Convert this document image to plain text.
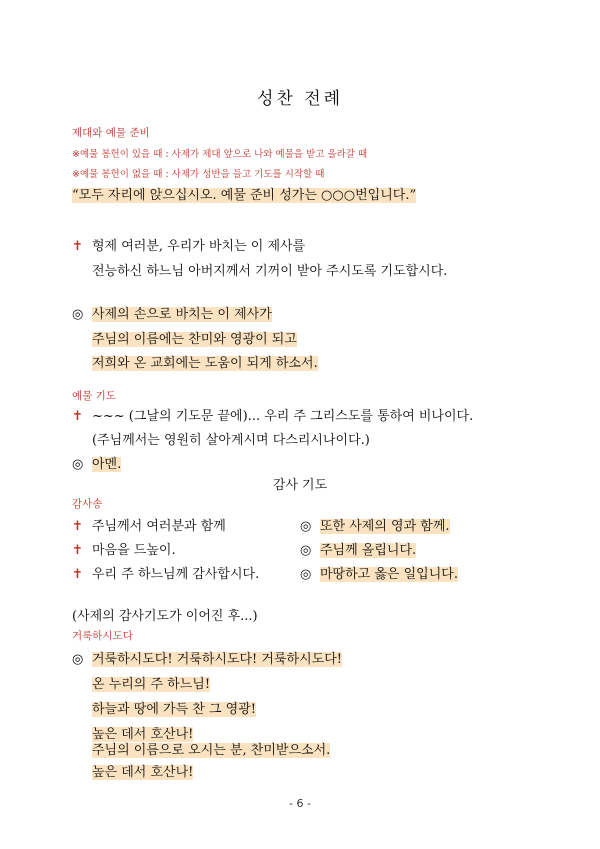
성찬 전례
제대와 예물 준비
※예물 봉헌이 있을 때 : 사제가 제대 앞으로 나와 예물을 받고 올라갈 때
※예물 봉헌이 없을 때 : 사제가 성반을 들고 기도를 시작할 때
“모두 자리에 앉으십시오. 예물 준비 성가는 ○○○번입니다.”
✝ 형제 여러분, 우리가 바치는 이 제사를
전능하신 하느님 아버지께서 기꺼이 받아 주시도록 기도합시다.
◎ 사제의 손으로 바치는 이 제사가
주님의 이름에는 찬미와 영광이 되고
저희와 온 교회에는 도움이 되게 하소서.
예물 기도
✝ ~~~ (그날의 기도문 끝에)... 우리 주 그리스도를 통하여 비나이다.
(주님께서는 영원히 살아계시며 다스리시나이다.)
◎ 아멘.
감사 기도
감사송
✝ 주님께서 여러분과 함께	◎ 또한 사제의 영과 함께.
✝ 마음을 드높이.	◎ 주님께 올립니다.
✝ 우리 주 하느님께 감사합시다.	◎ 마땅하고 옳은 일입니다.
(사제의 감사기도가 이어진 후...)
거룩하시도다
◎ 거룩하시도다! 거룩하시도다! 거룩하시도다!
온 누리의 주 하느님!
하늘과 땅에 가득 찬 그 영광!
높은 데서 호산나!
주님의 이름으로 오시는 분, 찬미받으소서.
높은 데서 호산나!
- 6 -
